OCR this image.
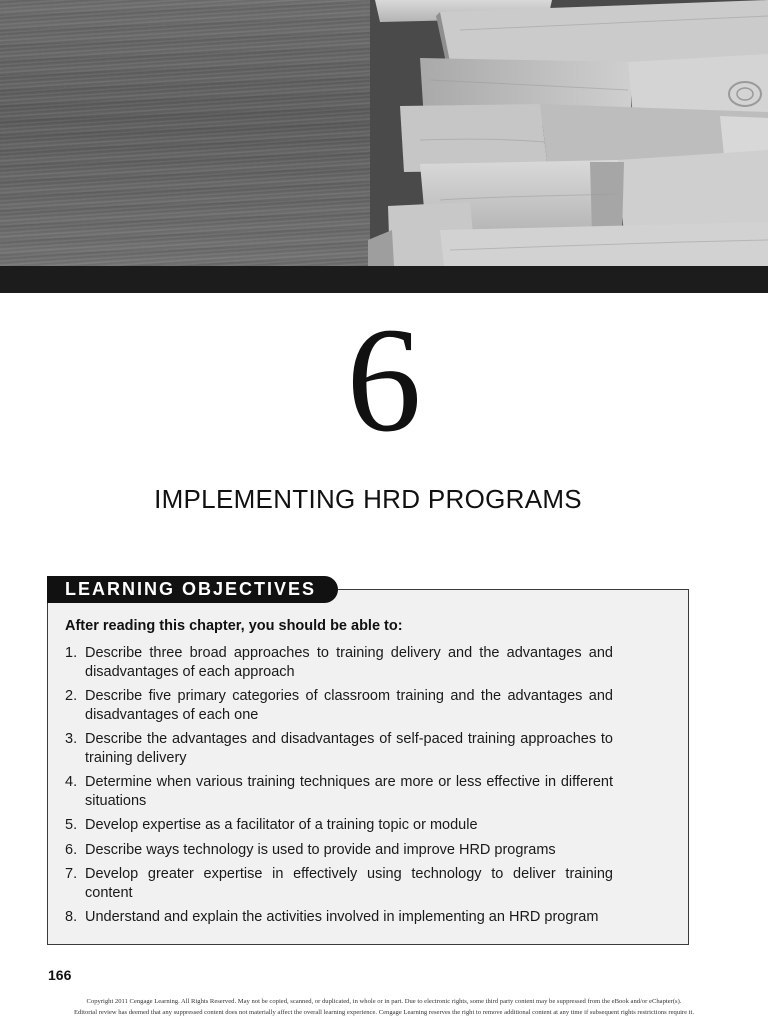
6
IMPLEMENTING HRD PROGRAMS
LEARNING OBJECTIVES
After reading this chapter, you should be able to:
1. Describe three broad approaches to training delivery and the advantages and disadvantages of each approach
2. Describe five primary categories of classroom training and the advantages and disadvantages of each one
3. Describe the advantages and disadvantages of self-paced training approaches to training delivery
4. Determine when various training techniques are more or less effective in different situations
5. Develop expertise as a facilitator of a training topic or module
6. Describe ways technology is used to provide and improve HRD programs
7. Develop greater expertise in effectively using technology to deliver training content
8. Understand and explain the activities involved in implementing an HRD program
166
Copyright 2011 Cengage Learning. All Rights Reserved. May not be copied, scanned, or duplicated, in whole or in part. Due to electronic rights, some third party content may be suppressed from the eBook and/or eChapter(s).
Editorial review has deemed that any suppressed content does not materially affect the overall learning experience. Cengage Learning reserves the right to remove additional content at any time if subsequent rights restrictions require it.
